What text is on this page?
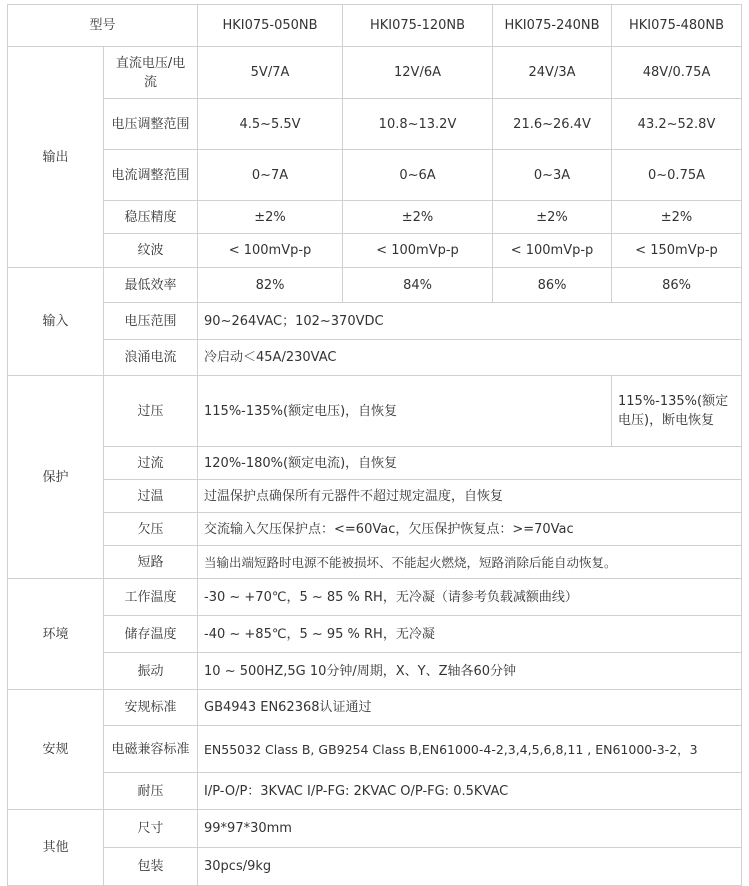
型号		HKI075-050NB	HKI075-120NB	HKI075-240NB	HKI075-480NB
输出	直流电压/电流	5V/7A	12V/6A	24V/3A	48V/0.75A
	电压调整范围	4.5~5.5V	10.8~13.2V	21.6~26.4V	43.2~52.8V
	电流调整范围	0~7A	0~6A	0~3A	0~0.75A
	稳压精度	±2%	±2%	±2%	±2%
	纹波	< 100mVp-p	< 100mVp-p	< 100mVp-p	< 150mVp-p
输入	最低效率	82%	84%	86%	86%
	电压范围	90~264VAC；102~370VDC			
	浪涌电流	冷启动＜45A/230VAC			
保护	过压	115%-135%(额定电压)，自恢复			115%-135%(额定电压)，断电恢复
	过流	120%-180%(额定电流)，自恢复			
	过温	过温保护点确保所有元器件不超过规定温度，自恢复			
	欠压	交流输入欠压保护点：<=60Vac，欠压保护恢复点：>=70Vac			
	短路	当输出端短路时电源不能被损坏、不能起火燃烧，短路消除后能自动恢复。			
环境	工作温度	-30 ~ +70℃，5 ~ 85 % RH，无冷凝（请参考负载减额曲线）			
	储存温度	-40 ~ +85℃，5 ~ 95 % RH，无冷凝			
	振动	10 ~ 500HZ,5G 10分钟/周期，X、Y、Z轴各60分钟			
安规	安规标准	GB4943 EN62368认证通过			
	电磁兼容标准	EN55032 Class B, GB9254 Class B,EN61000-4-2,3,4,5,6,8,11 , EN61000-3-2，3			
	耐压	I/P-O/P：3KVAC I/P-FG: 2KVAC O/P-FG: 0.5KVAC			
其他	尺寸	99*97*30mm			
	包装	30pcs/9kg			
